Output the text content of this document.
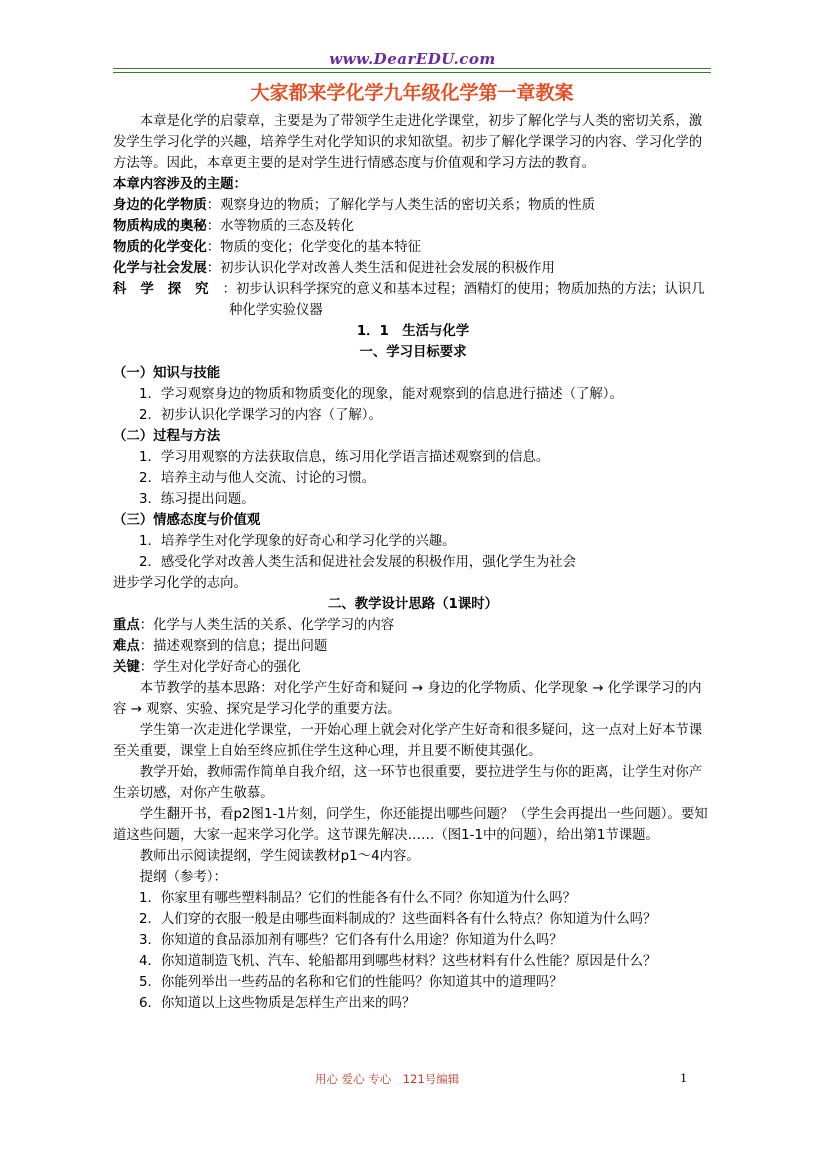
www.DearEDU.com
大家都来学化学九年级化学第一章教案

本章是化学的启蒙章，主要是为了带领学生走进化学课堂，初步了解化学与人类的密切关系，激发学生学习化学的兴趣，培养学生对化学知识的求知欲望。初步了解化学课学习的内容、学习化学的方法等。因此，本章更主要的是对学生进行情感态度与价值观和学习方法的教育。

本章内容涉及的主题：

身边的化学物质：观察身边的物质；了解化学与人类生活的密切关系；物质的性质

物质构成的奥秘：水等物质的三态及转化

物质的化学变化：物质的变化；化学变化的基本特征

化学与社会发展：初步认识化学对改善人类生活和促进社会发展的积极作用

科学探究：初步认识科学探究的意义和基本过程；酒精灯的使用；物质加热的方法；认识几种化学实验仪器

1．1　生活与化学

一、学习目标要求

（一）知识与技能

1．学习观察身边的物质和物质变化的现象，能对观察到的信息进行描述（了解）。

2．初步认识化学课学习的内容（了解）。

（二）过程与方法

1．学习用观察的方法获取信息，练习用化学语言描述观察到的信息。

2．培养主动与他人交流、讨论的习惯。

3．练习提出问题。

（三）情感态度与价值观

1．培养学生对化学现象的好奇心和学习化学的兴趣。

2．感受化学对改善人类生活和促进社会发展的积极作用，强化学生为社会

进步学习化学的志向。

二、教学设计思路（1课时）

重点：化学与人类生活的关系、化学学习的内容

难点：描述观察到的信息；提出问题

关键：学生对化学好奇心的强化

本节教学的基本思路：对化学产生好奇和疑问 → 身边的化学物质、化学现象 → 化学课学习的内容 → 观察、实验、探究是学习化学的重要方法。

学生第一次走进化学课堂，一开始心理上就会对化学产生好奇和很多疑问，这一点对上好本节课至关重要，课堂上自始至终应抓住学生这种心理，并且要不断使其强化。

教学开始，教师需作简单自我介绍，这一环节也很重要，要拉进学生与你的距离，让学生对你产生亲切感，对你产生敬慕。

学生翻开书，看p2图1-1片刻，问学生，你还能提出哪些问题？（学生会再提出一些问题）。要知道这些问题，大家一起来学习化学。这节课先解决……（图1-1中的问题），给出第1节课题。

教师出示阅读提纲，学生阅读教材p1～4内容。

提纲（参考）：

1．你家里有哪些塑料制品？它们的性能各有什么不同？你知道为什么吗？

2．人们穿的衣服一般是由哪些面料制成的？这些面料各有什么特点？你知道为什么吗？

3．你知道的食品添加剂有哪些？它们各有什么用途？你知道为什么吗？

4．你知道制造飞机、汽车、轮船都用到哪些材料？这些材料有什么性能？原因是什么？

5．你能列举出一些药品的名称和它们的性能吗？你知道其中的道理吗？

6．你知道以上这些物质是怎样生产出来的吗？

用心 爱心 专心　121号编辑	1
